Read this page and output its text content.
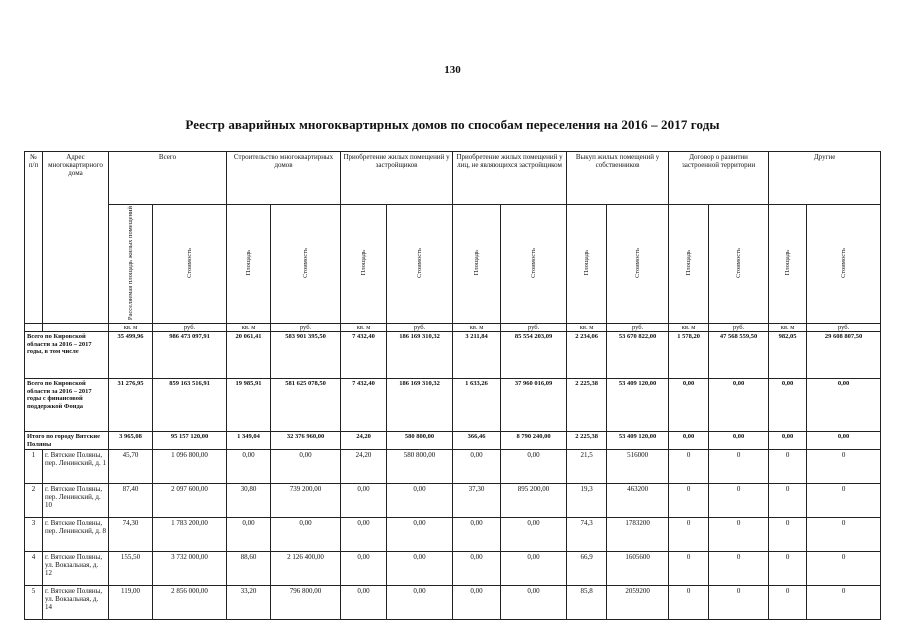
130
Реестр аварийных многоквартирных домов по способам переселения на 2016 – 2017 годы
№ п/п	Адрес многоквартирного дома	Всего		Строительство многоквартирных домов		Приобретение жилых помещений у застройщиков		Приобретение жилых помещений у лиц, не являющихся застройщиком		Выкуп жилых помещений у собственников		Договор о развитии застроенной территории		Другие	
		Расселяемая площадь жилых помещений	Стоимость	Площадь	Стоимость	Площадь	Стоимость	Площадь	Стоимость	Площадь	Стоимость	Площадь	Стоимость	Площадь	Стоимость
		кв. м	руб.	кв. м	руб.	кв. м	руб.	кв. м	руб.	кв. м	руб.	кв. м	руб.	кв. м	руб.
Всего по Кировской области за 2016 – 2017 годы, в том числе		35 499,96	986 473 097,91	20 061,41	583 901 395,50	7 432,40	186 169 310,32	3 211,84	85 554 203,09	2 234,06	53 670 822,00	1 578,20	47 568 559,50	982,05	29 608 807,50
Всего по Кировской области за 2016 – 2017 годы с финансовой поддержкой Фонда		31 276,95	859 163 516,91	19 985,91	581 625 078,50	7 432,40	186 169 310,32	1 633,26	37 960 016,09	2 225,38	53 409 120,00	0,00	0,00	0,00	0,00
Итого по городу Вятские Поляны		3 965,08	95 157 120,00	1 349,04	32 376 960,00	24,20	580 800,00	366,46	8 790 240,00	2 225,38	53 409 120,00	0,00	0,00	0,00	0,00
1	г. Вятские Поляны, пер. Ленинский, д. 1	45,70	1 096 800,00	0,00	0,00	24,20	580 800,00	0,00	0,00	21,5	516000	0	0	0	0
2	г. Вятские Поляны, пер. Ленинский, д. 10	87,40	2 097 600,00	30,80	739 200,00	0,00	0,00	37,30	895 200,00	19,3	463200	0	0	0	0
3	г. Вятские Поляны, пер. Ленинский, д. 8	74,30	1 783 200,00	0,00	0,00	0,00	0,00	0,00	0,00	74,3	1783200	0	0	0	0
4	г. Вятские Поляны, ул. Вокзальная, д. 12	155,50	3 732 000,00	88,60	2 126 400,00	0,00	0,00	0,00	0,00	66,9	1605600	0	0	0	0
5	г. Вятские Поляны, ул. Вокзальная, д. 14	119,00	2 856 000,00	33,20	796 800,00	0,00	0,00	0,00	0,00	85,8	2059200	0	0	0	0
